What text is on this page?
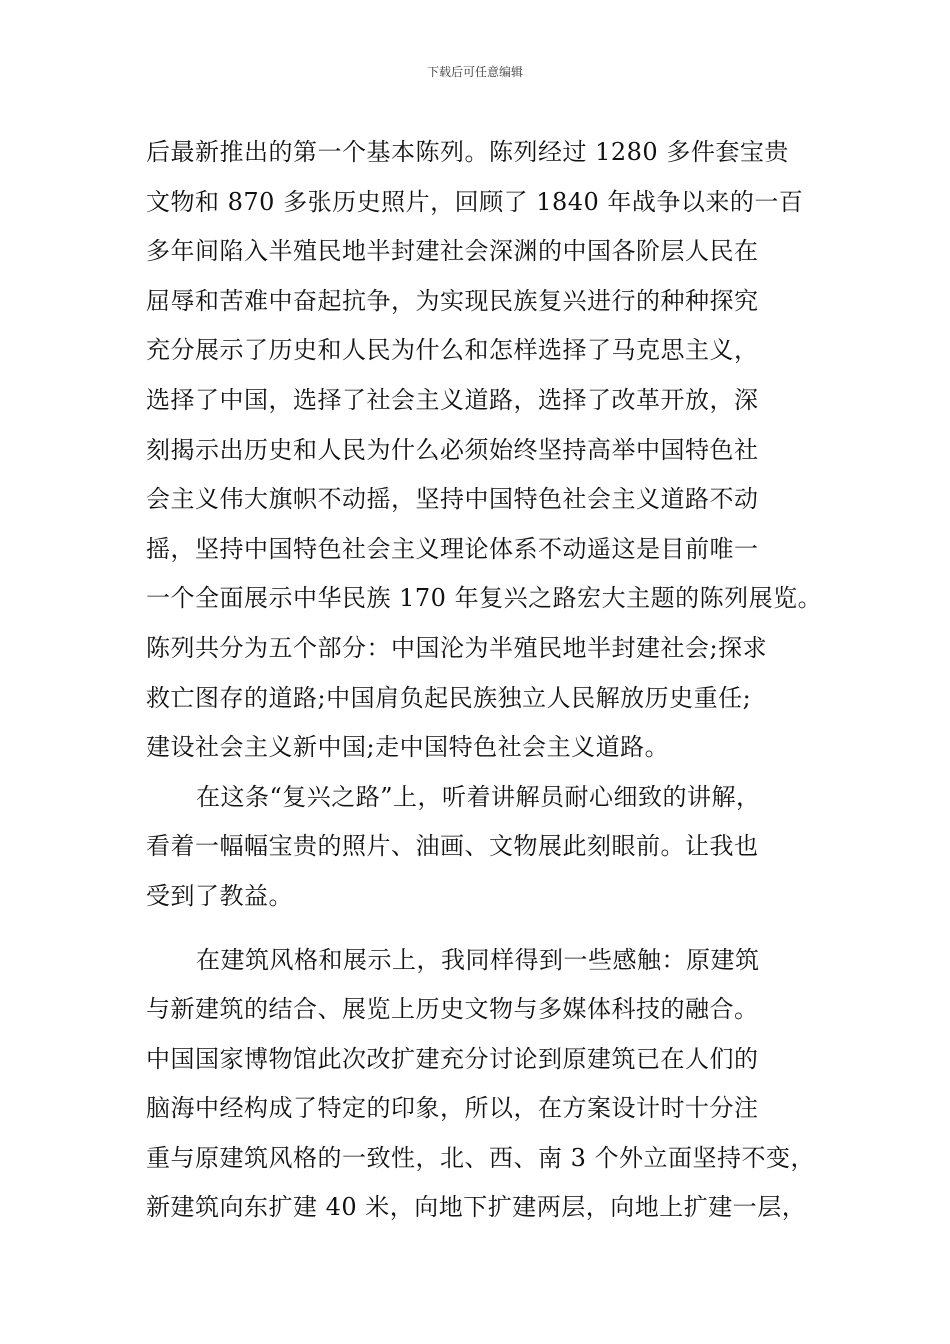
下载后可任意编辑
后最新推出的第一个基本陈列。陈列经过 1280 多件套宝贵
文物和 870 多张历史照片，回顾了 1840 年战争以来的一百
多年间陷入半殖民地半封建社会深渊的中国各阶层人民在
屈辱和苦难中奋起抗争，为实现民族复兴进行的种种探究
充分展示了历史和人民为什么和怎样选择了马克思主义，
选择了中国，选择了社会主义道路，选择了改革开放，深
刻揭示出历史和人民为什么必须始终坚持高举中国特色社
会主义伟大旗帜不动摇，坚持中国特色社会主义道路不动
摇，坚持中国特色社会主义理论体系不动遥这是目前唯一
一个全面展示中华民族 170 年复兴之路宏大主题的陈列展览。
陈列共分为五个部分：中国沦为半殖民地半封建社会;探求
救亡图存的道路;中国肩负起民族独立人民解放历史重任;
建设社会主义新中国;走中国特色社会主义道路。
在这条“复兴之路”上，听着讲解员耐心细致的讲解，
看着一幅幅宝贵的照片、油画、文物展此刻眼前。让我也
受到了教益。
在建筑风格和展示上，我同样得到一些感触：原建筑
与新建筑的结合、展览上历史文物与多媒体科技的融合。
中国国家博物馆此次改扩建充分讨论到原建筑已在人们的
脑海中经构成了特定的印象，所以，在方案设计时十分注
重与原建筑风格的一致性，北、西、南 3 个外立面坚持不变，
新建筑向东扩建 40 米，向地下扩建两层，向地上扩建一层，
